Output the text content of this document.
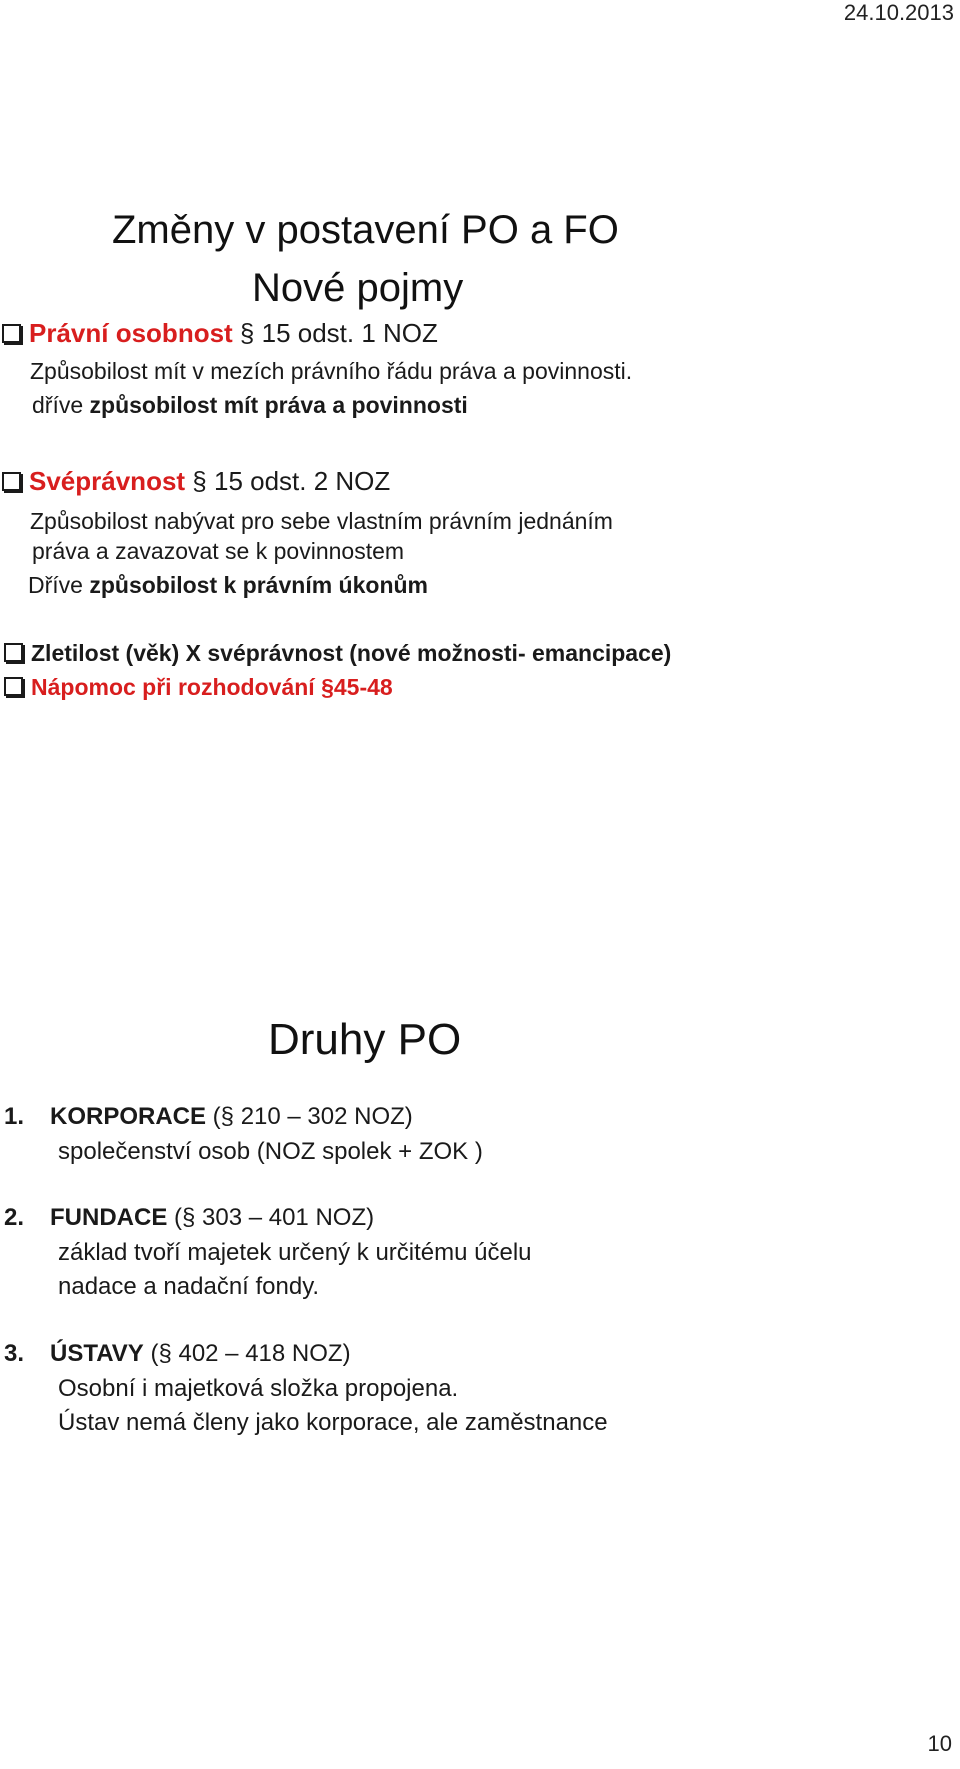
24.10.2013
Změny v postavení PO a FO
Nové pojmy
Právní osobnost § 15 odst. 1 NOZ
Způsobilost mít v mezích právního řádu práva a povinnosti.
dříve způsobilost mít práva a povinnosti
Svéprávnost § 15 odst. 2 NOZ
Způsobilost nabývat pro sebe vlastním právním jednáním
práva a zavazovat se k povinnostem
Dříve způsobilost k právním úkonům
Zletilost (věk) X svéprávnost (nové možnosti- emancipace)
Nápomoc při rozhodování §45-48
Druhy PO
1. KORPORACE (§ 210 – 302 NOZ)
společenství osob (NOZ spolek + ZOK )
2. FUNDACE (§ 303 – 401 NOZ)
základ tvoří majetek určený k určitému účelu
nadace a nadační fondy.
3. ÚSTAVY (§ 402 – 418 NOZ)
Osobní i majetková složka propojena.
Ústav nemá členy jako korporace, ale zaměstnance
10
